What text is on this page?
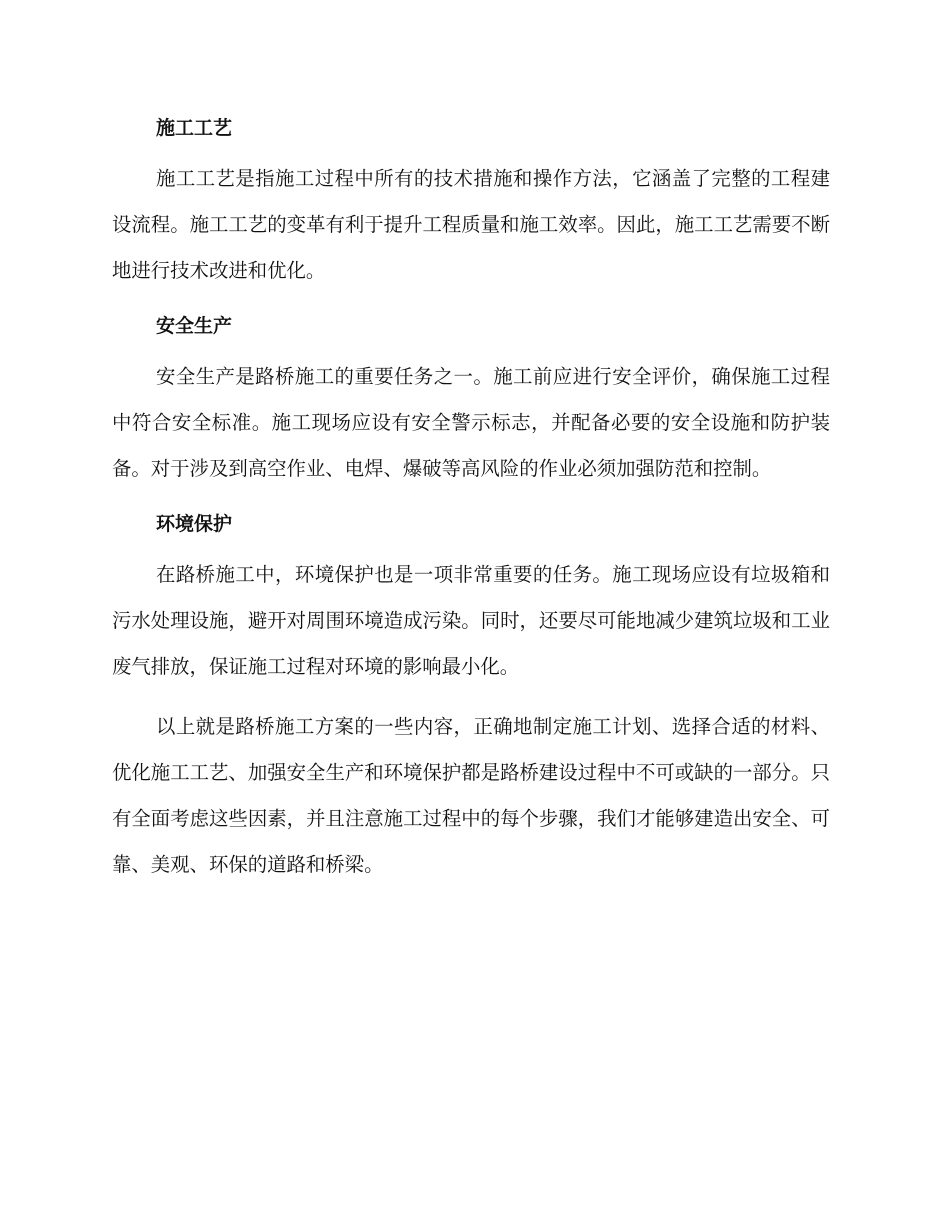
施工工艺

施工工艺是指施工过程中所有的技术措施和操作方法，它涵盖了完整的工程建设流程。施工工艺的变革有利于提升工程质量和施工效率。因此，施工工艺需要不断地进行技术改进和优化。

安全生产

安全生产是路桥施工的重要任务之一。施工前应进行安全评价，确保施工过程中符合安全标准。施工现场应设有安全警示标志，并配备必要的安全设施和防护装备。对于涉及到高空作业、电焊、爆破等高风险的作业必须加强防范和控制。

环境保护

在路桥施工中，环境保护也是一项非常重要的任务。施工现场应设有垃圾箱和污水处理设施，避开对周围环境造成污染。同时，还要尽可能地减少建筑垃圾和工业废气排放，保证施工过程对环境的影响最小化。

以上就是路桥施工方案的一些内容，正确地制定施工计划、选择合适的材料、优化施工工艺、加强安全生产和环境保护都是路桥建设过程中不可或缺的一部分。只有全面考虑这些因素，并且注意施工过程中的每个步骤，我们才能够建造出安全、可靠、美观、环保的道路和桥梁。
